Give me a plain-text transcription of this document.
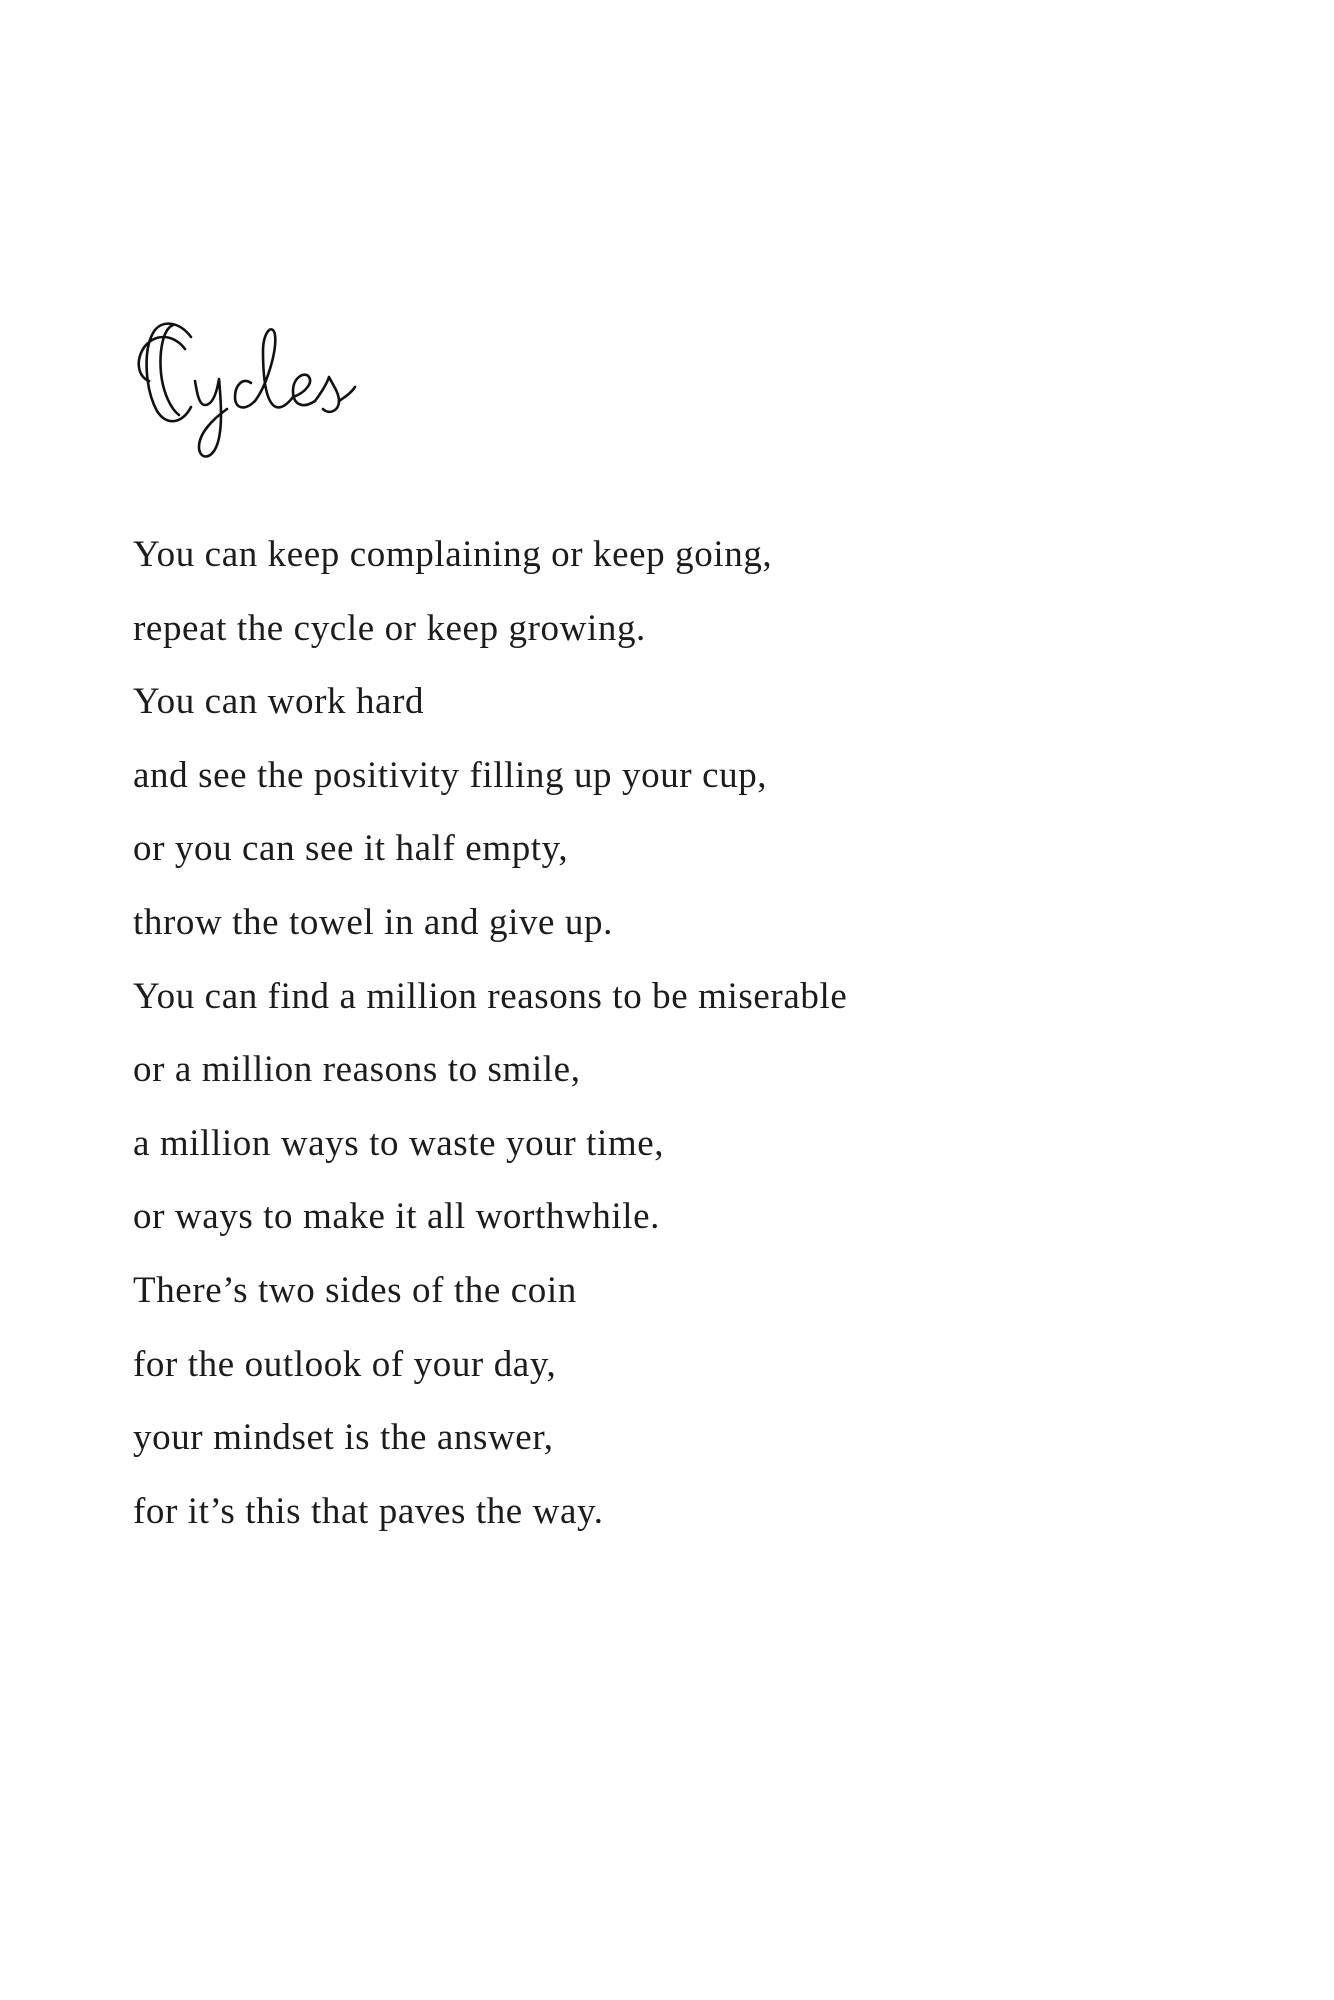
You can keep complaining or keep going,
repeat the cycle or keep growing.
You can work hard
and see the positivity filling up your cup,
or you can see it half empty,
throw the towel in and give up.
You can find a million reasons to be miserable
or a million reasons to smile,
a million ways to waste your time,
or ways to make it all worthwhile.
There’s two sides of the coin
for the outlook of your day,
your mindset is the answer,
for it’s this that paves the way.
